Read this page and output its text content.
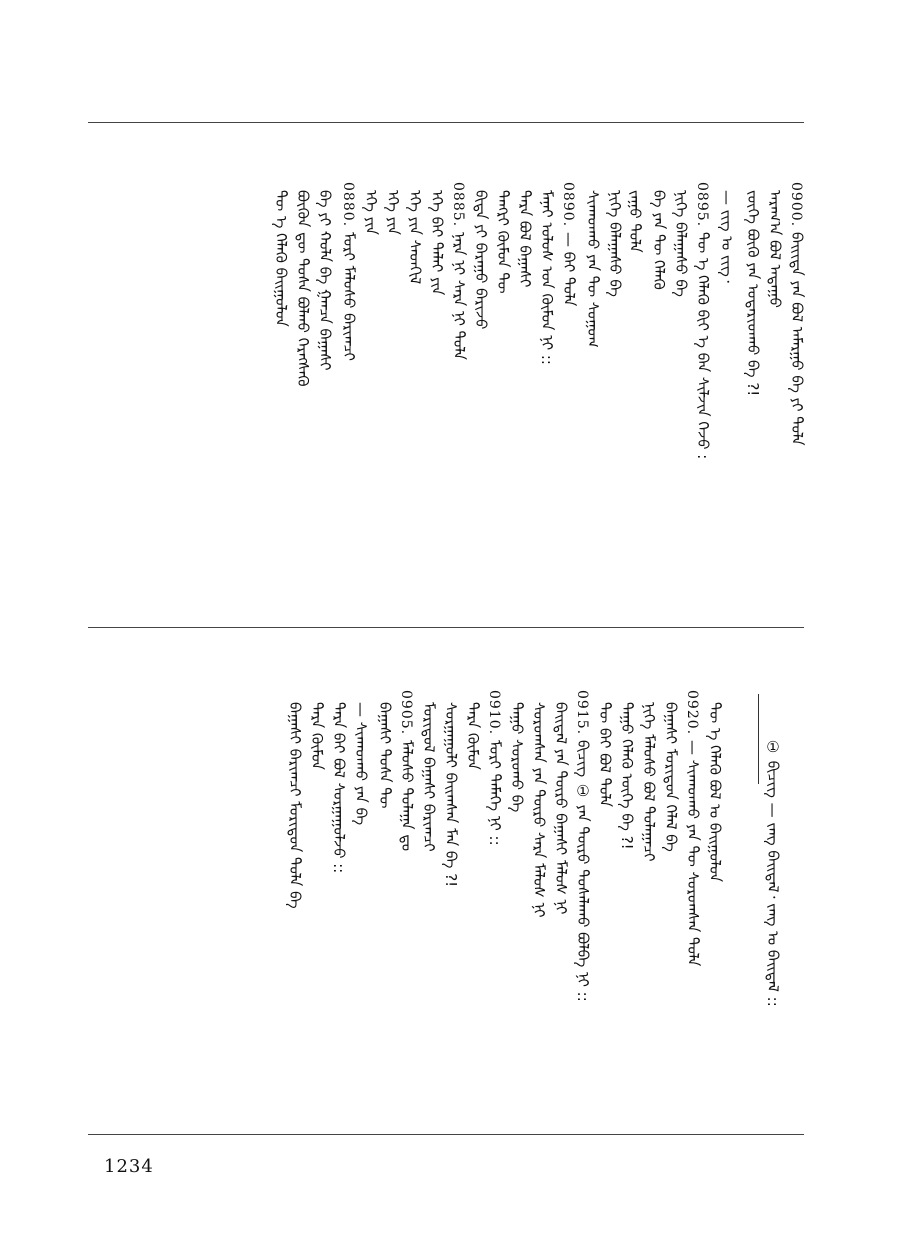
ᠪᠠᠢᠢᠲᠠ ᠶᠠᠨ ᠪᠣᠯ ᠠᠮᠠᠷᠭᠤ ᠪᠠ ᠶᠢ ᠲᠤᠯᠠ
ᠠᠷᠠᠭ᠎ᠠ ᠪᠣᠯ ᠠᠳᠠᠭᠤ
ᠵᠦᠭᠡ ᠪᠦᠬᠦ ᠶᠠᠨ ᠤᠳᠠᠷᠢᠳᠬᠤ ᠪᠠ ?!
— ᠵᠢᠭ ᠤ ᠵᠢᠭ᠂
ᠲᠦ ᠡ ᠬᠡᠯᠡᠬᠦ ᠪᠢᠢ ᠡ ᠪᠠᠨ ᠰᠢᠯᠵᠢᠨ ᠭᠡᠵᠦ :
ᠨᠢᠭᠡ ᠪᠠᠯᠠᠭᠠᠰᠤ ᠪᠠ
ᠪᠠ ᠶᠠᠨ ᠲᠦ ᠬᠡᠯᠡᠬᠦ
ᠵᠠᠭᠤ ᠲᠤᠯᠠ
ᠨᠢᠭᠡ ᠪᠠᠯᠠᠭᠠᠰᠤ ᠪᠠ
ᠰᠢᠬᠠᠳᠬᠤ ᠶᠠᠨ ᠲᠦ ᠰᠣᠭᠣᠭ
— ᠪᠠᠢ ᠲᠤᠯᠠ
ᠮᠠᠨᠠᠢ ᠤᠯᠤᠰ ᠤᠨ ᠬᠦᠮᠦᠨ ᠨᠢ ::
ᠲᠡᠷᠡ ᠪᠣᠯ ᠪᠠᠭᠠᠰᠢ
ᠲᠡᠩᠷᠢ ᠬᠦᠮᠦᠨ ᠲᠦ
ᠪᠢᠳᠡ ᠶᠢ ᠪᠠᠷᠠᠭᠤ ᠪᠠᠷᠢᠵᠤ
ᠨᠠᠷᠠ ᠨᠢ ᠰᠠᠷᠠ ᠨᠢ ᠲᠤᠯᠠ
ᠡᠬᠡ ᠪᠠᠢ ᠳᠠᠯᠠᠢ ᠶᠢᠨ
ᠡᠬᠡ ᠶᠢᠨ ᠰᠡᠳᠬᠢᠯ
ᠡᠬᠡ ᠶᠢᠨ
ᠡᠬᠡ ᠶᠢᠨ
ᠮᠣᠷᠢ ᠮᠠᠯᠤᠰᠤ ᠪᠠᠷᠢᠭᠴᠢ
ᠪᠠ ᠶᠢ ᠬᠣᠯᠠ ᠪᠠ ᠭᠠᠨᠴᠠ ᠪᠠᠭᠠᠰᠢ
ᠪᠦᠬᠦᠨ ᠳᠦ ᠲᠤᠰᠠ ᠪᠣᠯᠬᠤ ᠬᠡᠷᠡᠭᠰᠡᠬᠦ
ᠲᠦ ᠡ ᠬᠡᠯᠡᠬᠦ ᠪᠠᠢᠭᠤᠯᠤᠨ	0900.
0895.
0890.
0885.
0880.
① ᠪᠢᠴᠢᠭ — ᠵᠠᠩ ᠪᠠᠢᠳᠠᠯ᠂ ᠵᠠᠩ ᠤ ᠪᠠᠢᠳᠠᠯ ::
ᠲᠦ ᠡ ᠬᠡᠯᠡᠬᠦ ᠪᠣᠯ ᠤ ᠪᠠᠢᠭᠤᠯᠤᠨ
— ᠰᠢᠬᠠᠳᠬᠤ ᠶᠠᠨ ᠲᠦ ᠰᠤᠷᠤᠭᠰᠠᠨ ᠲᠤᠯᠠ
ᠪᠠᠭᠠᠰᠢ ᠮᠣᠷᠢᠳᠤᠨ ᠬᠡᠯᠡᠯ ᠪᠠ
ᠨᠢᠭᠡ ᠮᠠᠯᠤᠰᠤ ᠪᠣᠯ ᠲᠤᠯᠠᠭᠠᠴᠢ
ᠳᠠᠭᠤ ᠬᠡᠯᠡᠬᠦ ᠦᠭᠡ ᠪᠠ ?!
ᠲᠦ ᠪᠠᠢ ᠪᠣᠯ ᠲᠤᠯᠠ
ᠪᠢᠴᠢᠭ ① ᠶᠠᠨ ᠲᠦᠷᠦ ᠲᠤᠰᠠᠯᠠᠬᠤ ᠪᠣᠯᠪᠠ ᠨᠢ ::
ᠪᠠᠢᠳᠠᠯ ᠶᠠᠨ ᠲᠦᠷᠦ ᠪᠠᠭᠠᠰᠢ ᠮᠠᠯᠤᠰ ᠨᠢ
ᠰᠤᠷᠤᠭᠰᠠᠨ ᠶᠠᠨ ᠲᠦᠷᠦ ᠰᠠᠷᠠ ᠮᠠᠯᠤᠰ ᠨᠢ
ᠳᠠᠭᠤ ᠰᠤᠷᠤᠬᠤ ᠪᠠ
ᠮᠣᠷᠢ ᠲᠡᠮᠡᠭᠡ ᠨᠢ ::
ᠲᠡᠷᠡ ᠬᠦᠮᠦᠨ
ᠰᠤᠷᠭᠠᠭᠤᠯᠢ ᠪᠠᠢᠭᠰᠠᠨ ᠮᠠᠨ ᠪᠠ ?!
ᠮᠣᠷᠢᠳᠤᠯ ᠪᠠᠭᠠᠰᠢ ᠪᠠᠷᠢᠭᠴᠢ
ᠮᠠᠯᠤᠰᠤ ᠲᠤᠯᠠᠭᠠ ᠳᠤ
ᠪᠠᠭᠠᠰᠢ ᠲᠤᠰᠠ ᠲᠦ
— ᠰᠢᠬᠠᠳᠬᠤ ᠶᠠᠨ ᠪᠠ
ᠲᠡᠷᠡ ᠪᠠᠢ ᠪᠣᠯ ᠰᠤᠷᠭᠠᠭᠤᠯᠵᠤ ::
ᠲᠡᠷᠡ ᠬᠦᠮᠦᠨ
ᠪᠠᠭᠠᠰᠢ ᠪᠠᠷᠢᠭᠴᠢ ᠮᠣᠷᠢᠳᠤᠨ ᠲᠤᠯᠠ ᠪᠠ	0920.
0915.
0910.
0905.
1234
